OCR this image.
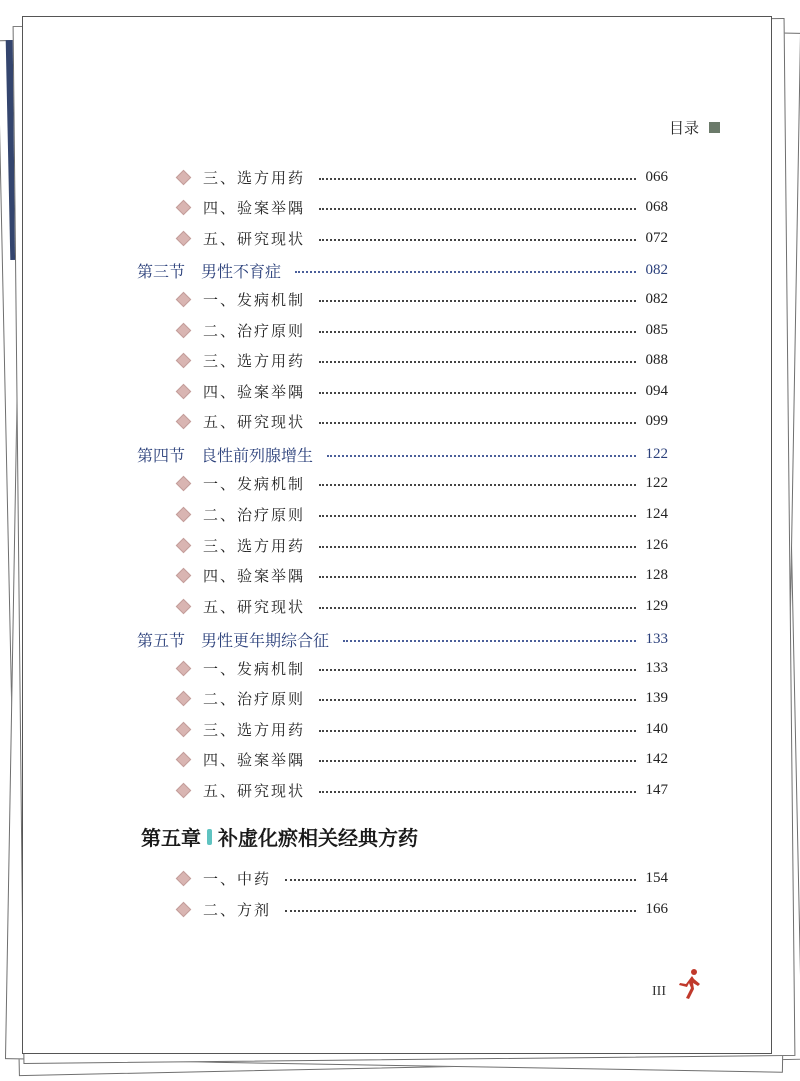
目录
三、选方用药	066
四、验案举隅	068
五、研究现状	072
第三节 男性不育症	082
一、发病机制	082
二、治疗原则	085
三、选方用药	088
四、验案举隅	094
五、研究现状	099
第四节 良性前列腺增生	122
一、发病机制	122
二、治疗原则	124
三、选方用药	126
四、验案举隅	128
五、研究现状	129
第五节 男性更年期综合征	133
一、发病机制	133
二、治疗原则	139
三、选方用药	140
四、验案举隅	142
五、研究现状	147
第五章 补虚化瘀相关经典方药
一、中药	154
二、方剂	166
III
